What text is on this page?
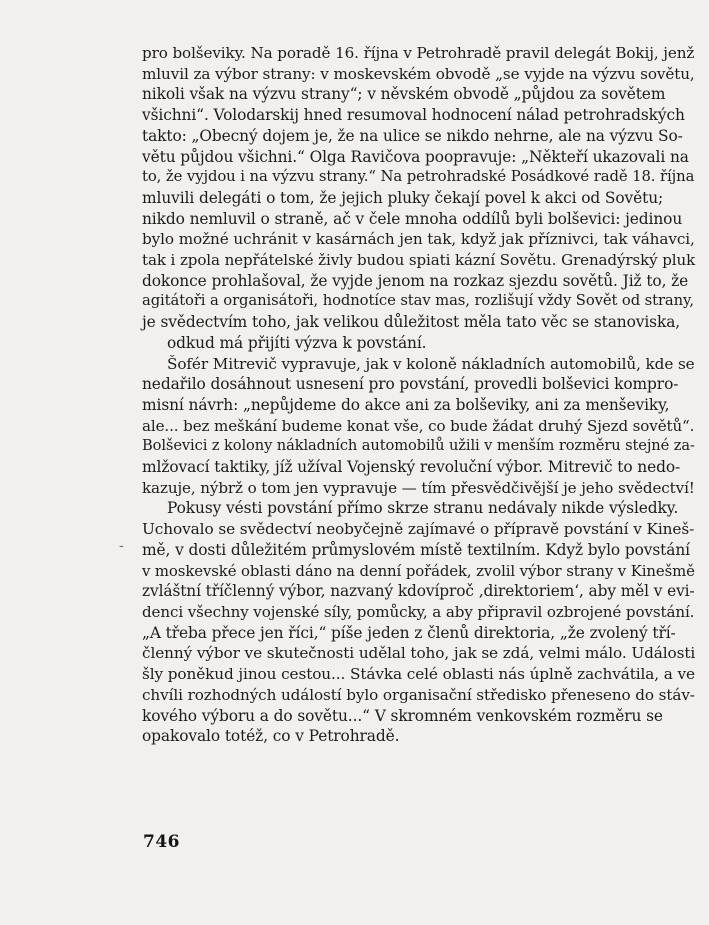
pro bolševiky. Na poradě 16. října v Petrohradě pravil delegát Bokij, jenž
mluvil za výbor strany: v moskevském obvodě „se vyjde na výzvu sovětu,
nikoli však na výzvu strany“; v něvském obvodě „půjdou za sovětem
všichni“. Volodarskij hned resumoval hodnocení nálad petrohradských
takto: „Obecný dojem je, že na ulice se nikdo nehrne, ale na výzvu So-
větu půjdou všichni.“ Olga Ravičova poopravuje: „Někteří ukazovali na
to, že vyjdou i na výzvu strany.“ Na petrohradské Posádkové radě 18. října
mluvili delegáti o tom, že jejich pluky čekají povel k akci od Sovětu;
nikdo nemluvil o straně, ač v čele mnoha oddílů byli bolševici: jedinou
bylo možné uchránit v kasárnách jen tak, když jak příznivci, tak váhavci,
tak i zpola nepřátelské živly budou spiati kázní Sovětu. Grenadýrský pluk
dokonce prohlašoval, že vyjde jenom na rozkaz sjezdu sovětů. Již to, že
agitátoři a organisátoři, hodnotíce stav mas, rozlišují vždy Sovět od strany,
je svědectvím toho, jak velikou důležitost měla tato věc se stanoviska,
odkud má přijíti výzva k povstání.
Šofér Mitrevič vypravuje, jak v koloně nákladních automobilů, kde se
nedařilo dosáhnout usnesení pro povstání, provedli bolševici kompro-
misní návrh: „nepůjdeme do akce ani za bolševiky, ani za menševiky,
ale... bez meškání budeme konat vše, co bude žádat druhý Sjezd sovětů“.
Bolševici z kolony nákladních automobilů užili v menším rozměru stejné za-
mlžovací taktiky, jíž užíval Vojenský revoluční výbor. Mitrevič to nedo-
kazuje, nýbrž o tom jen vypravuje — tím přesvědčivější je jeho svědectví!
Pokusy vésti povstání přímo skrze stranu nedávaly nikde výsledky.
Uchovalo se svědectví neobyčejně zajímavé o přípravě povstání v Kineš-
mě, v dosti důležitém průmyslovém místě textilním. Když bylo povstání
v moskevské oblasti dáno na denní pořádek, zvolil výbor strany v Kinešmě
zvláštní tříčlenný výbor, nazvaný kdovíproč ‚direktoriem‘, aby měl v evi-
denci všechny vojenské síly, pomůcky, a aby připravil ozbrojené povstání.
„A třeba přece jen říci,“ píše jeden z členů direktoria, „že zvolený tří-
členný výbor ve skutečnosti udělal toho, jak se zdá, velmi málo. Události
šly poněkud jinou cestou... Stávka celé oblasti nás úplně zachvátila, a ve
chvíli rozhodných událostí bylo organisační středisko přeneseno do stáv-
kového výboru a do sovětu...“ V skromném venkovském rozměru se
opakovalo totéž, co v Petrohradě.
-
746
